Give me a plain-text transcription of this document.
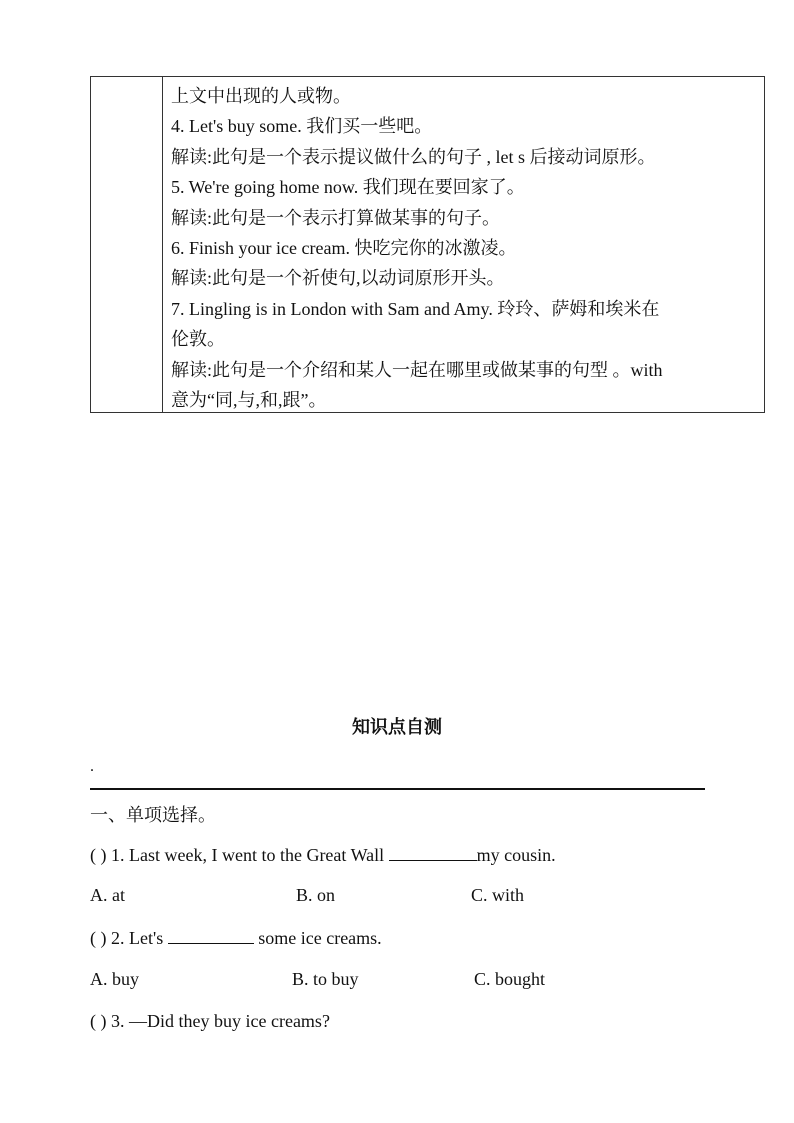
上文中出现的人或物。
4. Let's buy some. 我们买一些吧。
解读:此句是一个表示提议做什么的句子 , let s 后接动词原形。
5. We're going home now. 我们现在要回家了。
解读:此句是一个表示打算做某事的句子。
6. Finish your ice cream. 快吃完你的冰激凌。
解读:此句是一个祈使句,以动词原形开头。
7. Lingling is in London with Sam and Amy. 玲玲、萨姆和埃米在
伦敦。
解读:此句是一个介绍和某人一起在哪里或做某事的句型 。with
意为“同,与,和,跟”。
知识点自测
.
一、单项选择。
( ) 1. Last week, I went to the Great Wall	my cousin.
A. at	B. on	C. with
( ) 2. Let's	some ice creams.
A. buy	B. to buy	C. bought
( ) 3. —Did they buy ice creams?
